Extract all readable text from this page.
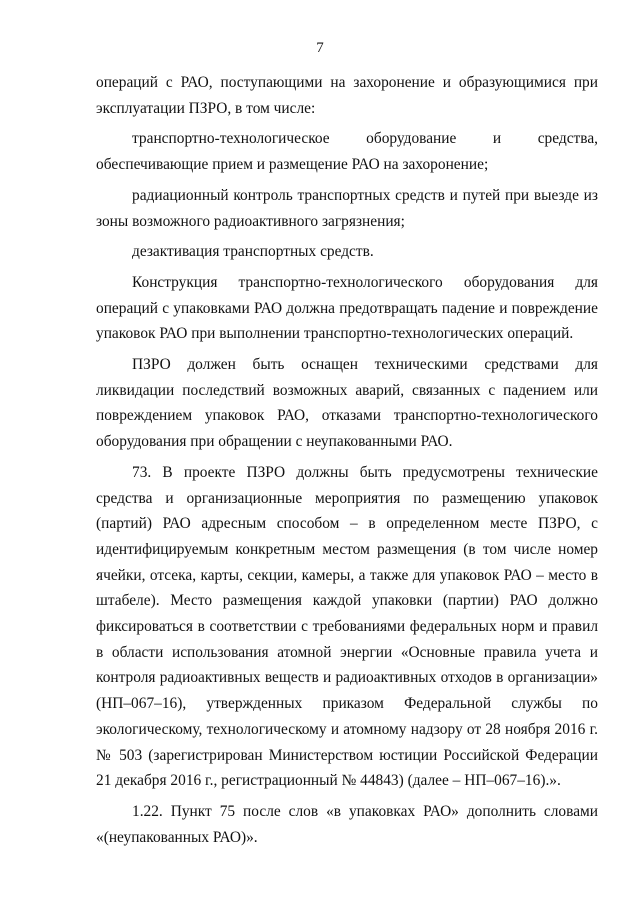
7

операций с РАО, поступающими на захоронение и образующимися при эксплуатации ПЗРО, в том числе:

транспортно-технологическое оборудование и средства, обеспечивающие прием и размещение РАО на захоронение;

радиационный контроль транспортных средств и путей при выезде из зоны возможного радиоактивного загрязнения;

дезактивация транспортных средств.

Конструкция транспортно-технологического оборудования для операций с упаковками РАО должна предотвращать падение и повреждение упаковок РАО при выполнении транспортно-технологических операций.

ПЗРО должен быть оснащен техническими средствами для ликвидации последствий возможных аварий, связанных с падением или повреждением упаковок РАО, отказами транспортно-технологического оборудования при обращении с неупакованными РАО.

73. В проекте ПЗРО должны быть предусмотрены технические средства и организационные мероприятия по размещению упаковок (партий) РАО адресным способом – в определенном месте ПЗРО, с идентифицируемым конкретным местом размещения (в том числе номер ячейки, отсека, карты, секции, камеры, а также для упаковок РАО – место в штабеле). Место размещения каждой упаковки (партии) РАО должно фиксироваться в соответствии с требованиями федеральных норм и правил в области использования атомной энергии «Основные правила учета и контроля радиоактивных веществ и радиоактивных отходов в организации» (НП–067–16), утвержденных приказом Федеральной службы по экологическому, технологическому и атомному надзору от 28 ноября 2016 г. № 503 (зарегистрирован Министерством юстиции Российской Федерации 21 декабря 2016 г., регистрационный № 44843) (далее – НП–067–16).».

1.22. Пункт 75 после слов «в упаковках РАО» дополнить словами «(неупакованных РАО)».
